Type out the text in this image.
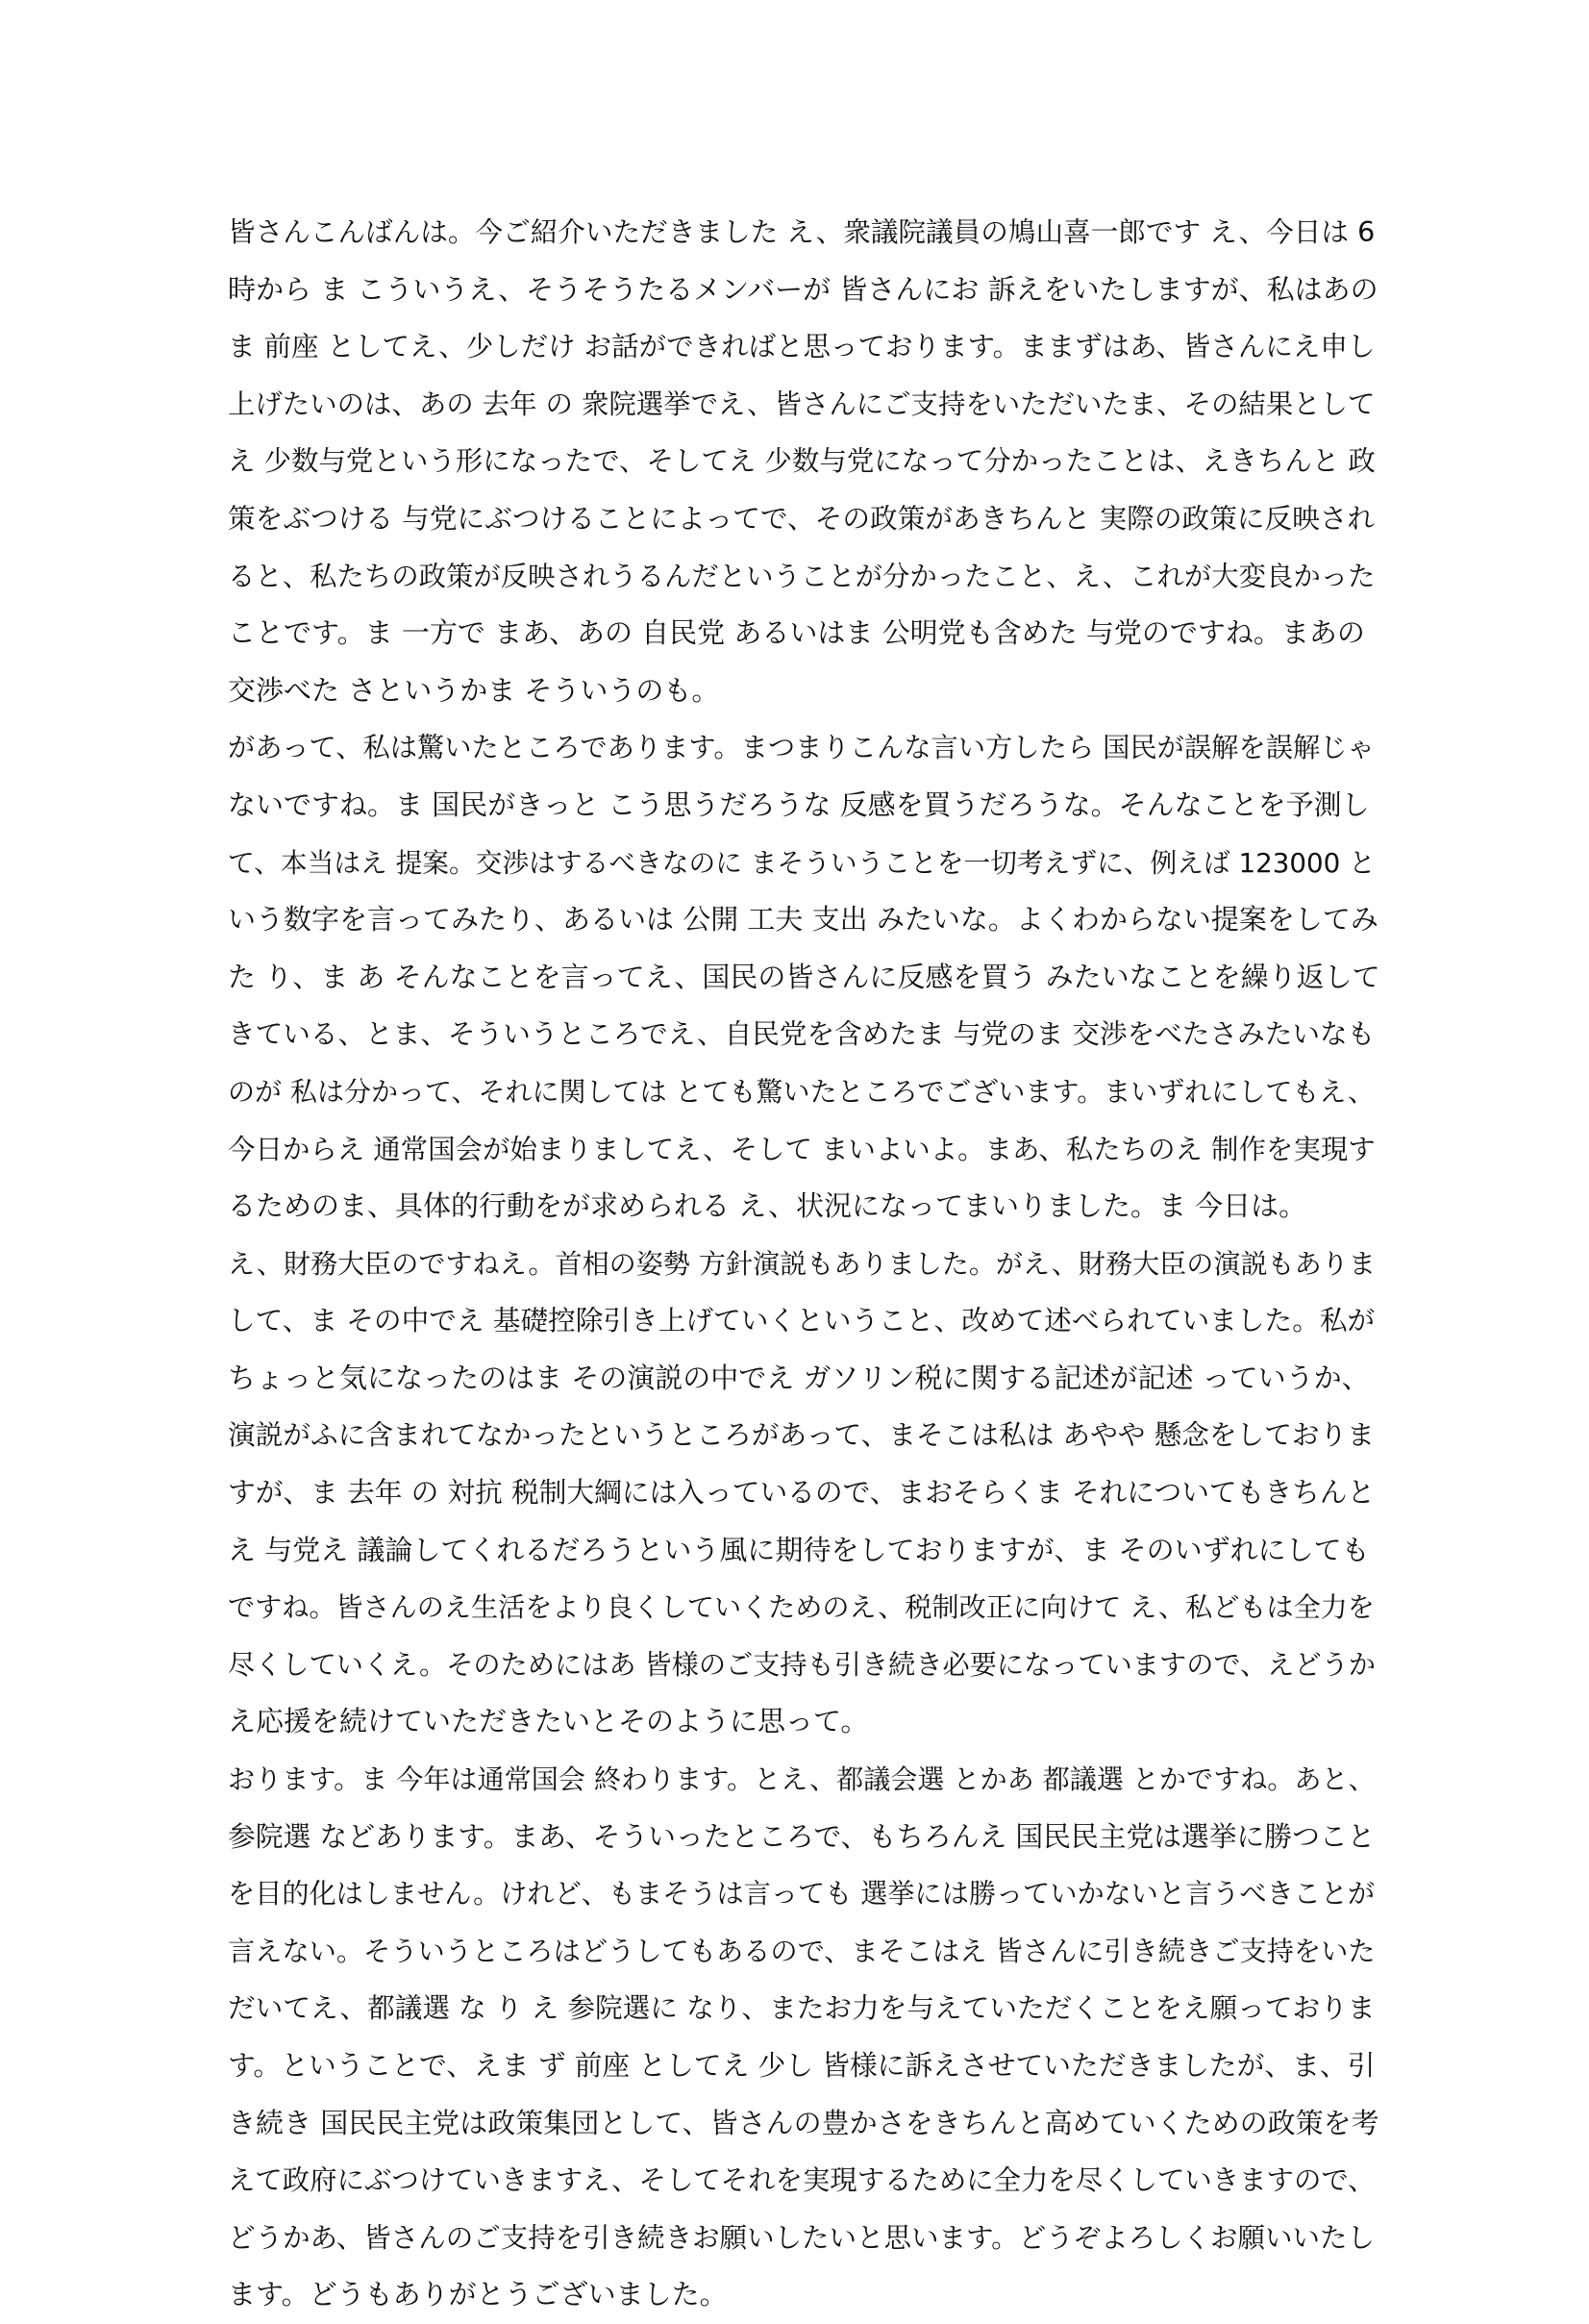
皆さんこんばんは。今ご紹介いただきました え、衆議院議員の鳩山喜一郎です え、今日は 6
時から ま こういうえ、そうそうたるメンバーが 皆さんにお 訴えをいたしますが、私はあの
ま 前座 としてえ、少しだけ お話ができればと思っております。ままずはあ、皆さんにえ申し
上げたいのは、あの 去年 の 衆院選挙でえ、皆さんにご支持をいただいたま、その結果として
え 少数与党という形になったで、そしてえ 少数与党になって分かったことは、えきちんと 政
策をぶつける 与党にぶつけることによってで、その政策があきちんと 実際の政策に反映され
ると、私たちの政策が反映されうるんだということが分かったこと、え、これが大変良かった
ことです。ま 一方で まあ、あの 自民党 あるいはま 公明党も含めた 与党のですね。まあの
交渉べた さというかま そういうのも。
があって、私は驚いたところであります。まつまりこんな言い方したら 国民が誤解を誤解じゃ
ないですね。ま 国民がきっと こう思うだろうな 反感を買うだろうな。そんなことを予測し
て、本当はえ 提案。交渉はするべきなのに まそういうことを一切考えずに、例えば 123000 と
いう数字を言ってみたり、あるいは 公開 工夫 支出 みたいな。よくわからない提案をしてみ
た り、ま あ そんなことを言ってえ、国民の皆さんに反感を買う みたいなことを繰り返して
きている、とま、そういうところでえ、自民党を含めたま 与党のま 交渉をべたさみたいなも
のが 私は分かって、それに関しては とても驚いたところでございます。まいずれにしてもえ、
今日からえ 通常国会が始まりましてえ、そして まいよいよ。まあ、私たちのえ 制作を実現す
るためのま、具体的行動をが求められる え、状況になってまいりました。ま 今日は。
え、財務大臣のですねえ。首相の姿勢 方針演説もありました。がえ、財務大臣の演説もありま
して、ま その中でえ 基礎控除引き上げていくということ、改めて述べられていました。私が
ちょっと気になったのはま その演説の中でえ ガソリン税に関する記述が記述 っていうか、
演説がふに含まれてなかったというところがあって、まそこは私は あやや 懸念をしておりま
すが、ま 去年 の 対抗 税制大綱には入っているので、まおそらくま それについてもきちんと
え 与党え 議論してくれるだろうという風に期待をしておりますが、ま そのいずれにしても
ですね。皆さんのえ生活をより良くしていくためのえ、税制改正に向けて え、私どもは全力を
尽くしていくえ。そのためにはあ 皆様のご支持も引き続き必要になっていますので、えどうか
え応援を続けていただきたいとそのように思って。
おります。ま 今年は通常国会 終わります。とえ、都議会選 とかあ 都議選 とかですね。あと、
参院選 などあります。まあ、そういったところで、もちろんえ 国民民主党は選挙に勝つこと
を目的化はしません。けれど、もまそうは言っても 選挙には勝っていかないと言うべきことが
言えない。そういうところはどうしてもあるので、まそこはえ 皆さんに引き続きご支持をいた
だいてえ、都議選 な り え 参院選に なり、またお力を与えていただくことをえ願っておりま
す。ということで、えま ず 前座 としてえ 少し 皆様に訴えさせていただきましたが、ま、引
き続き 国民民主党は政策集団として、皆さんの豊かさをきちんと高めていくための政策を考
えて政府にぶつけていきますえ、そしてそれを実現するために全力を尽くしていきますので、
どうかあ、皆さんのご支持を引き続きお願いしたいと思います。どうぞよろしくお願いいたし
ます。どうもありがとうございました。
